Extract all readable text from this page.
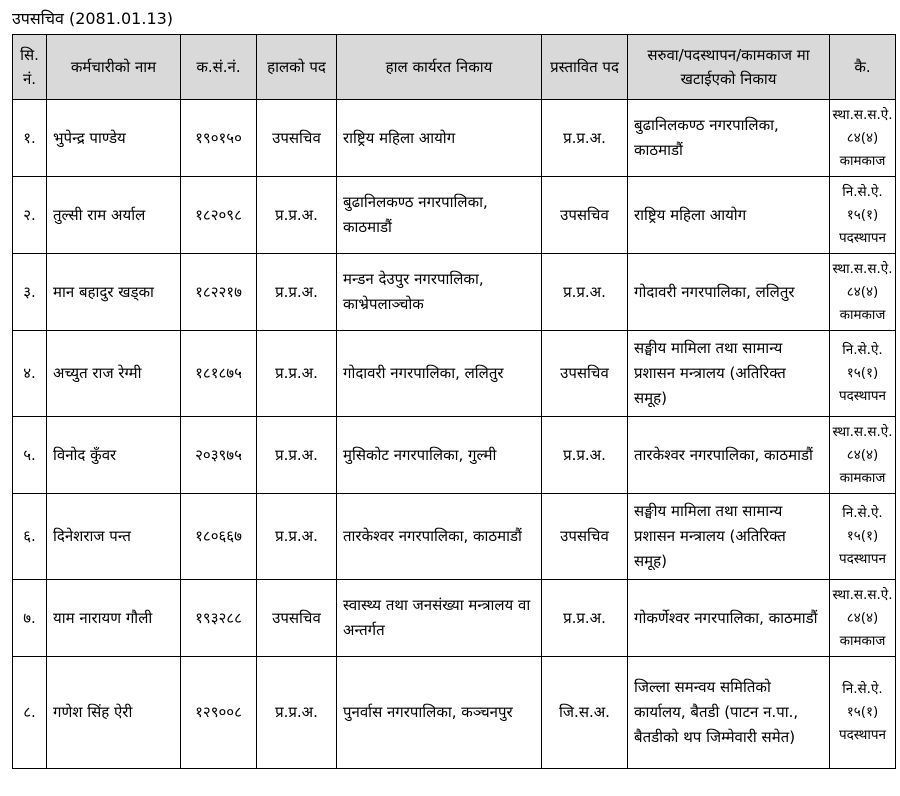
उपसचिव (2081.01.13)
सि. नं.	कर्मचारीको नाम	क.सं.नं.	हालको पद	हाल कार्यरत निकाय	प्रस्तावित पद	सरुवा/पदस्थापन/कामकाज मा खटाईएको निकाय	कै.
१.	भुपेन्द्र पाण्डेय	१९०१५०	उपसचिव	राष्ट्रिय महिला आयोग	प्र.प्र.अ.	बुढानिलकण्ठ नगरपालिका, काठमाडौं	स्था.स.स.ऐ.
८४(४)
कामकाज

२.	तुल्सी राम अर्याल	१८२०९८	प्र.प्र.अ.	बुढानिलकण्ठ नगरपालिका, काठमाडौं	उपसचिव	राष्ट्रिय महिला आयोग	नि.से.ऐ.
१५(१)
पदस्थापन

३.	मान बहादुर खड्का	१८२२१७	प्र.प्र.अ.	मन्डन देउपुर नगरपालिका, काभ्रेपलाञ्चोक	प्र.प्र.अ.	गोदावरी नगरपालिका, ललितुर	स्था.स.स.ऐ.
८४(४)
कामकाज

४.	अच्युत राज रेग्मी	१८१८७५	प्र.प्र.अ.	गोदावरी नगरपालिका, ललितुर	उपसचिव	सङ्घीय मामिला तथा सामान्य प्रशासन मन्त्रालय (अतिरिक्त समूह)	नि.से.ऐ.
१५(१)
पदस्थापन

५.	विनोद कुँवर	२०३९७५	प्र.प्र.अ.	मुसिकोट नगरपालिका, गुल्मी	प्र.प्र.अ.	तारकेश्वर नगरपालिका, काठमाडौं	स्था.स.स.ऐ.
८४(४)
कामकाज

६.	दिनेशराज पन्त	१८०६६७	प्र.प्र.अ.	तारकेश्वर नगरपालिका, काठमाडौं	उपसचिव	सङ्घीय मामिला तथा सामान्य प्रशासन मन्त्रालय (अतिरिक्त समूह)	नि.से.ऐ.
१५(१)
पदस्थापन

७.	याम नारायण गौली	१९३२८८	उपसचिव	स्वास्थ्य तथा जनसंख्या मन्त्रालय वा अन्तर्गत	प्र.प्र.अ.	गोकर्णेश्वर नगरपालिका, काठमाडौं	स्था.स.स.ऐ.
८४(४)
कामकाज

८.	गणेश सिंह ऐरी	१२९००८	प्र.प्र.अ.	पुनर्वास नगरपालिका, कञ्चनपुर	जि.स.अ.	जिल्ला समन्वय समितिको कार्यालय, बैतडी (पाटन न.पा., बैतडीको थप जिम्मेवारी समेत)	नि.से.ऐ.
१५(१)
पदस्थापन
